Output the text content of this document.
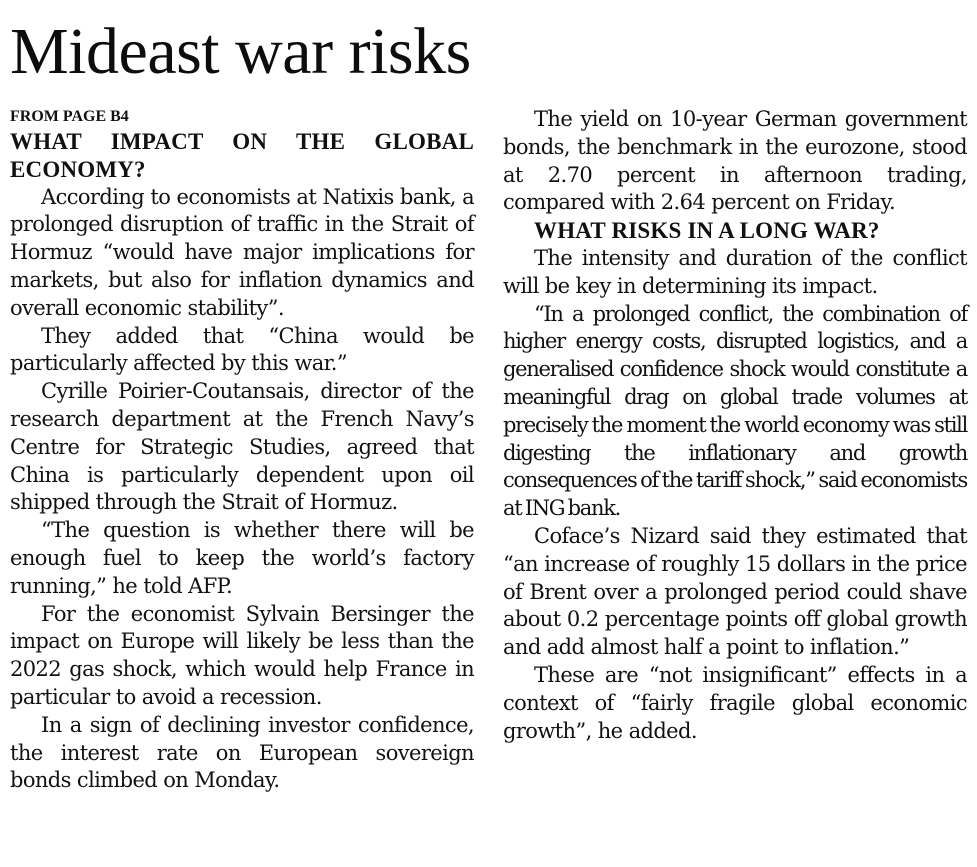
Mideast war risks

FROM PAGE B4

WHAT IMPACT ON THE GLOBAL ECONOMY?

According to economists at Natixis bank, a prolonged disruption of traffic in the Strait of Hormuz “would have major implications for markets, but also for inflation dynamics and overall economic stability”.

They added that “China would be particularly affected by this war.”

Cyrille Poirier-Coutansais, director of the research department at the French Navy’s Centre for Strategic Studies, agreed that China is particularly dependent upon oil shipped through the Strait of Hormuz.

“The question is whether there will be enough fuel to keep the world’s factory running,” he told AFP.

For the economist Sylvain Bersinger the impact on Europe will likely be less than the 2022 gas shock, which would help France in particular to avoid a recession.

In a sign of declining investor confidence, the interest rate on European sovereign bonds climbed on Monday.

The yield on 10-year German government bonds, the benchmark in the eurozone, stood at 2.70 percent in afternoon trading, compared with 2.64 percent on Friday.

WHAT RISKS IN A LONG WAR?

The intensity and duration of the conflict will be key in determining its impact.

“In a prolonged conflict, the combination of higher energy costs, disrupted logistics, and a generalised confidence shock would constitute a meaningful drag on global trade volumes at precisely the moment the world economy was still digesting the inflationary and growth consequences of the tariff shock,” said economists at ING bank.

Coface’s Nizard said they estimated that “an increase of roughly 15 dollars in the price of Brent over a prolonged period could shave about 0.2 percentage points off global growth and add almost half a point to inflation.”

These are “not insignificant” effects in a context of “fairly fragile global economic growth”, he added.
